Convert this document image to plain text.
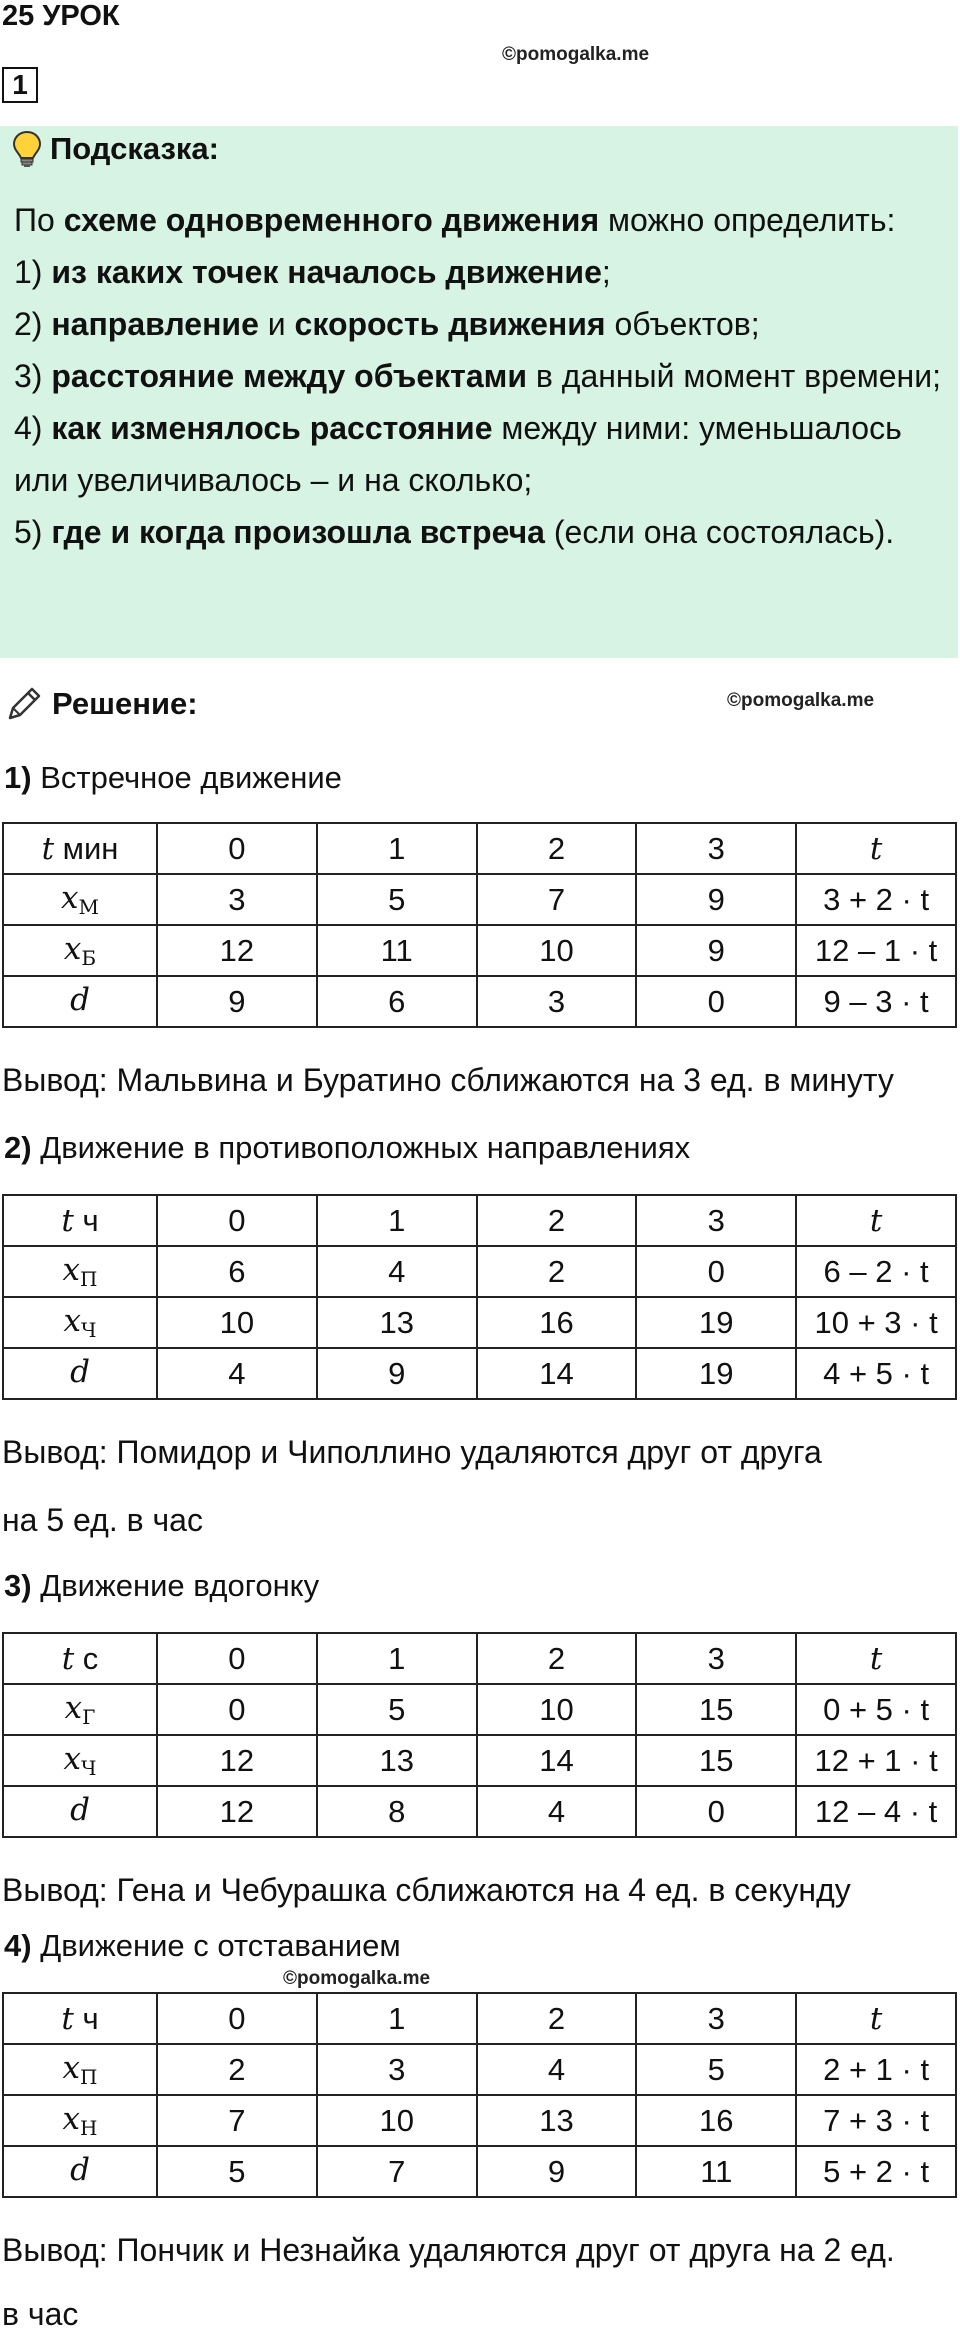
25 УРОК
©pomogalka.me
1
Подсказка:
По схеме одновременного движения можно определить:
1) из каких точек началось движение;
2) направление и скорость движения объектов;
3) расстояние между объектами в данный момент времени;
4) как изменялось расстояние между ними: уменьшалось или увеличивалось – и на сколько;
5) где и когда произошла встреча (если она состоялась).
Решение:	©pomogalka.me
1) Встречное движение
t мин	0	1	2	3	t
$x_М$	3	5	7	9	3 + 2 · t
$x_Б$	12	11	10	9	12 – 1 · t
d	9	6	3	0	9 – 3 · t
Вывод: Мальвина и Буратино сближаются на 3 ед. в минуту
2) Движение в противоположных направлениях
t ч	0	1	2	3	t
$x_П$	6	4	2	0	6 – 2 · t
$x_Ч$	10	13	16	19	10 + 3 · t
d	4	9	14	19	4 + 5 · t
Вывод: Помидор и Чиполлино удаляются друг от друга
на 5 ед. в час
3) Движение вдогонку
t с	0	1	2	3	t
$x_Г$	0	5	10	15	0 + 5 · t
$x_Ч$	12	13	14	15	12 + 1 · t
d	12	8	4	0	12 – 4 · t
Вывод: Гена и Чебурашка сближаются на 4 ед. в секунду
4) Движение с отставанием
©pomogalka.me
t ч	0	1	2	3	t
$x_П$	2	3	4	5	2 + 1 · t
$x_Н$	7	10	13	16	7 + 3 · t
d	5	7	9	11	5 + 2 · t
Вывод: Пончик и Незнайка удаляются друг от друга на 2 ед.
в час
